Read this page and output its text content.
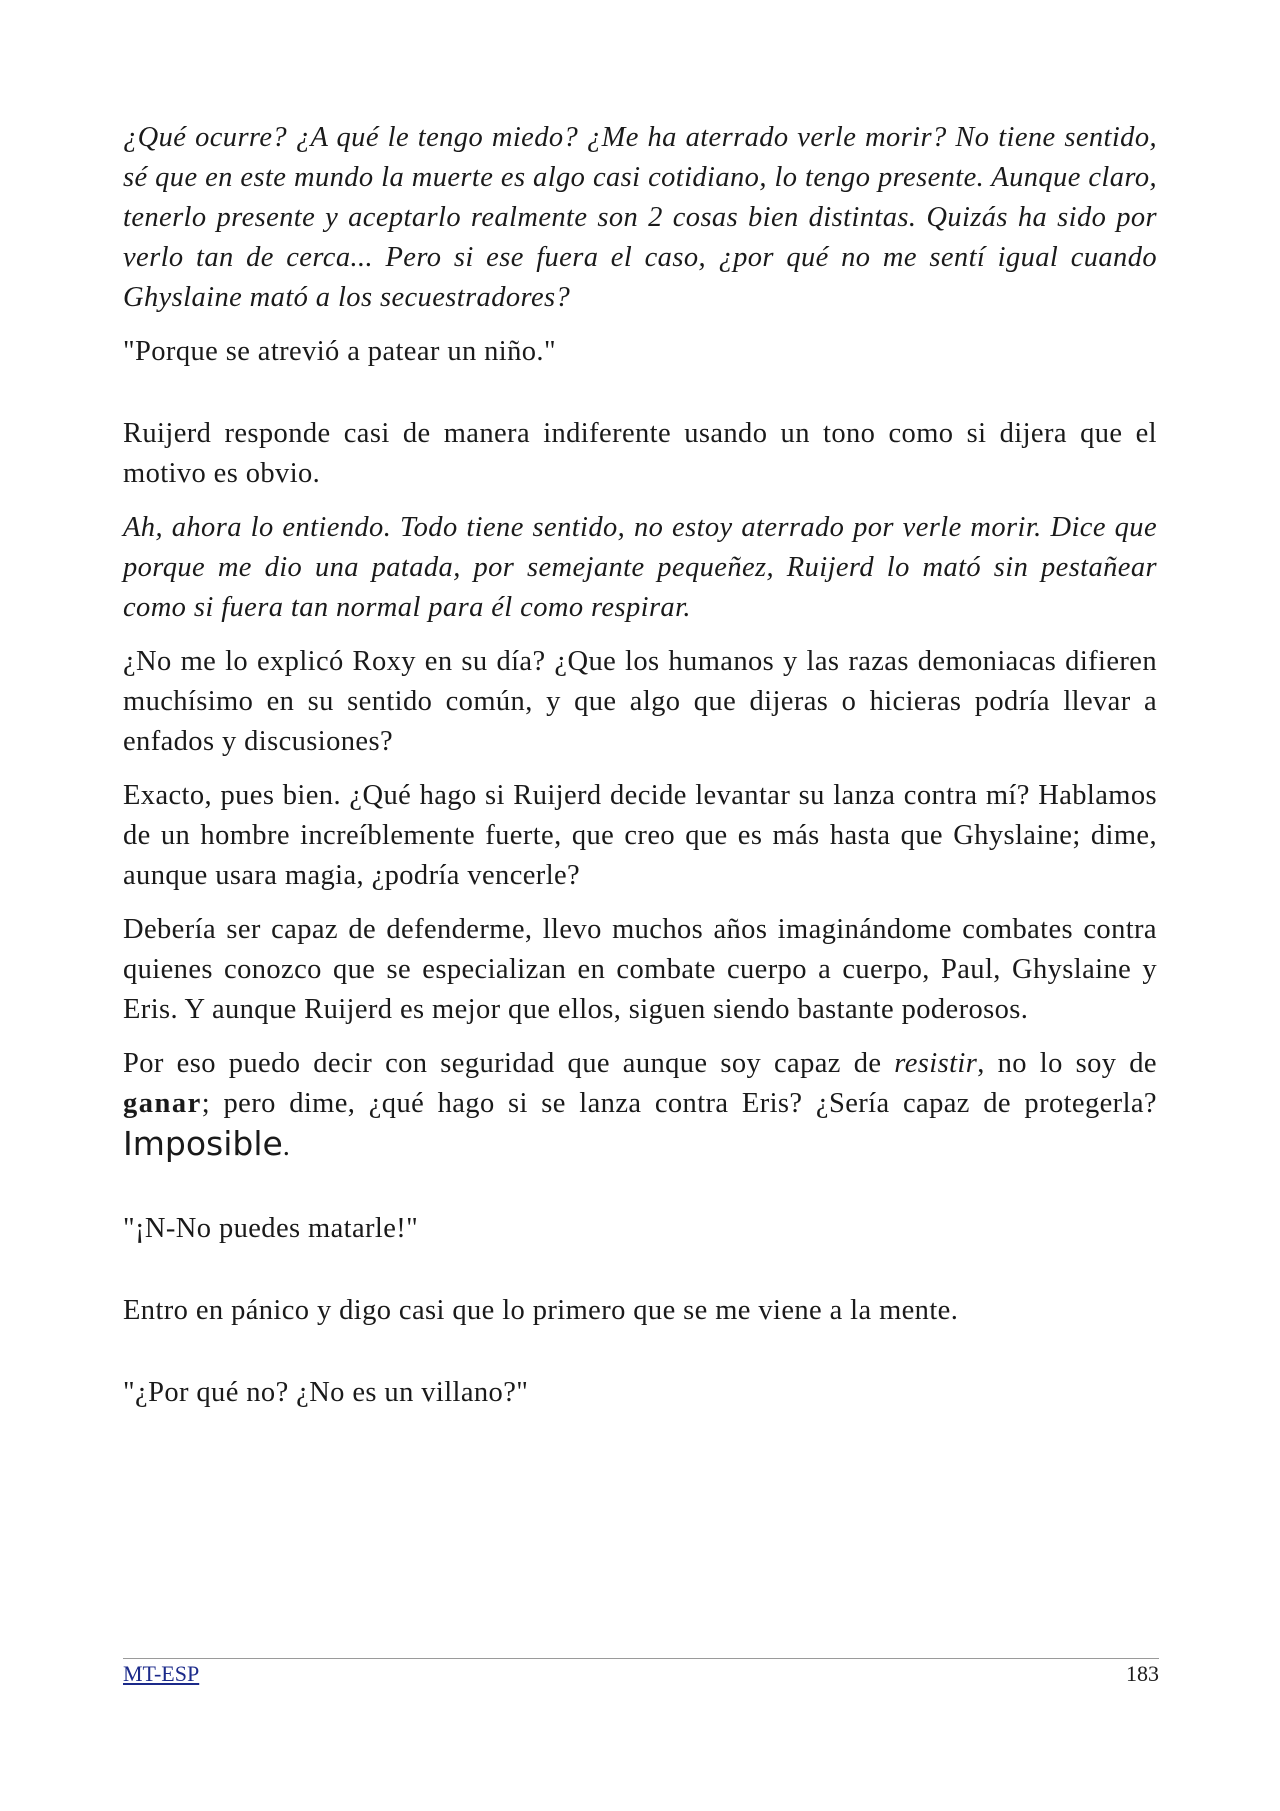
¿Qué ocurre? ¿A qué le tengo miedo? ¿Me ha aterrado verle morir? No tiene sentido, sé que en este mundo la muerte es algo casi cotidiano, lo tengo presente. Aunque claro, tenerlo presente y aceptarlo realmente son 2 cosas bien distintas. Quizás ha sido por verlo tan de cerca... Pero si ese fuera el caso, ¿por qué no me sentí igual cuando Ghyslaine mató a los secuestradores?

"Porque se atrevió a patear un niño."

Ruijerd responde casi de manera indiferente usando un tono como si dijera que el motivo es obvio.

Ah, ahora lo entiendo. Todo tiene sentido, no estoy aterrado por verle morir. Dice que porque me dio una patada, por semejante pequeñez, Ruijerd lo mató sin pestañear como si fuera tan normal para él como respirar.

¿No me lo explicó Roxy en su día? ¿Que los humanos y las razas demoniacas difieren muchísimo en su sentido común, y que algo que dijeras o hicieras podría llevar a enfados y discusiones?

Exacto, pues bien. ¿Qué hago si Ruijerd decide levantar su lanza contra mí? Hablamos de un hombre increíblemente fuerte, que creo que es más hasta que Ghyslaine; dime, aunque usara magia, ¿podría vencerle?

Debería ser capaz de defenderme, llevo muchos años imaginándome combates contra quienes conozco que se especializan en combate cuerpo a cuerpo, Paul, Ghyslaine y Eris. Y aunque Ruijerd es mejor que ellos, siguen siendo bastante poderosos.

Por eso puedo decir con seguridad que aunque soy capaz de resistir, no lo soy de ganar; pero dime, ¿qué hago si se lanza contra Eris? ¿Sería capaz de protegerla? Imposible.

"¡N-No puedes matarle!"

Entro en pánico y digo casi que lo primero que se me viene a la mente.

"¿Por qué no? ¿No es un villano?"

MT-ESP	183
